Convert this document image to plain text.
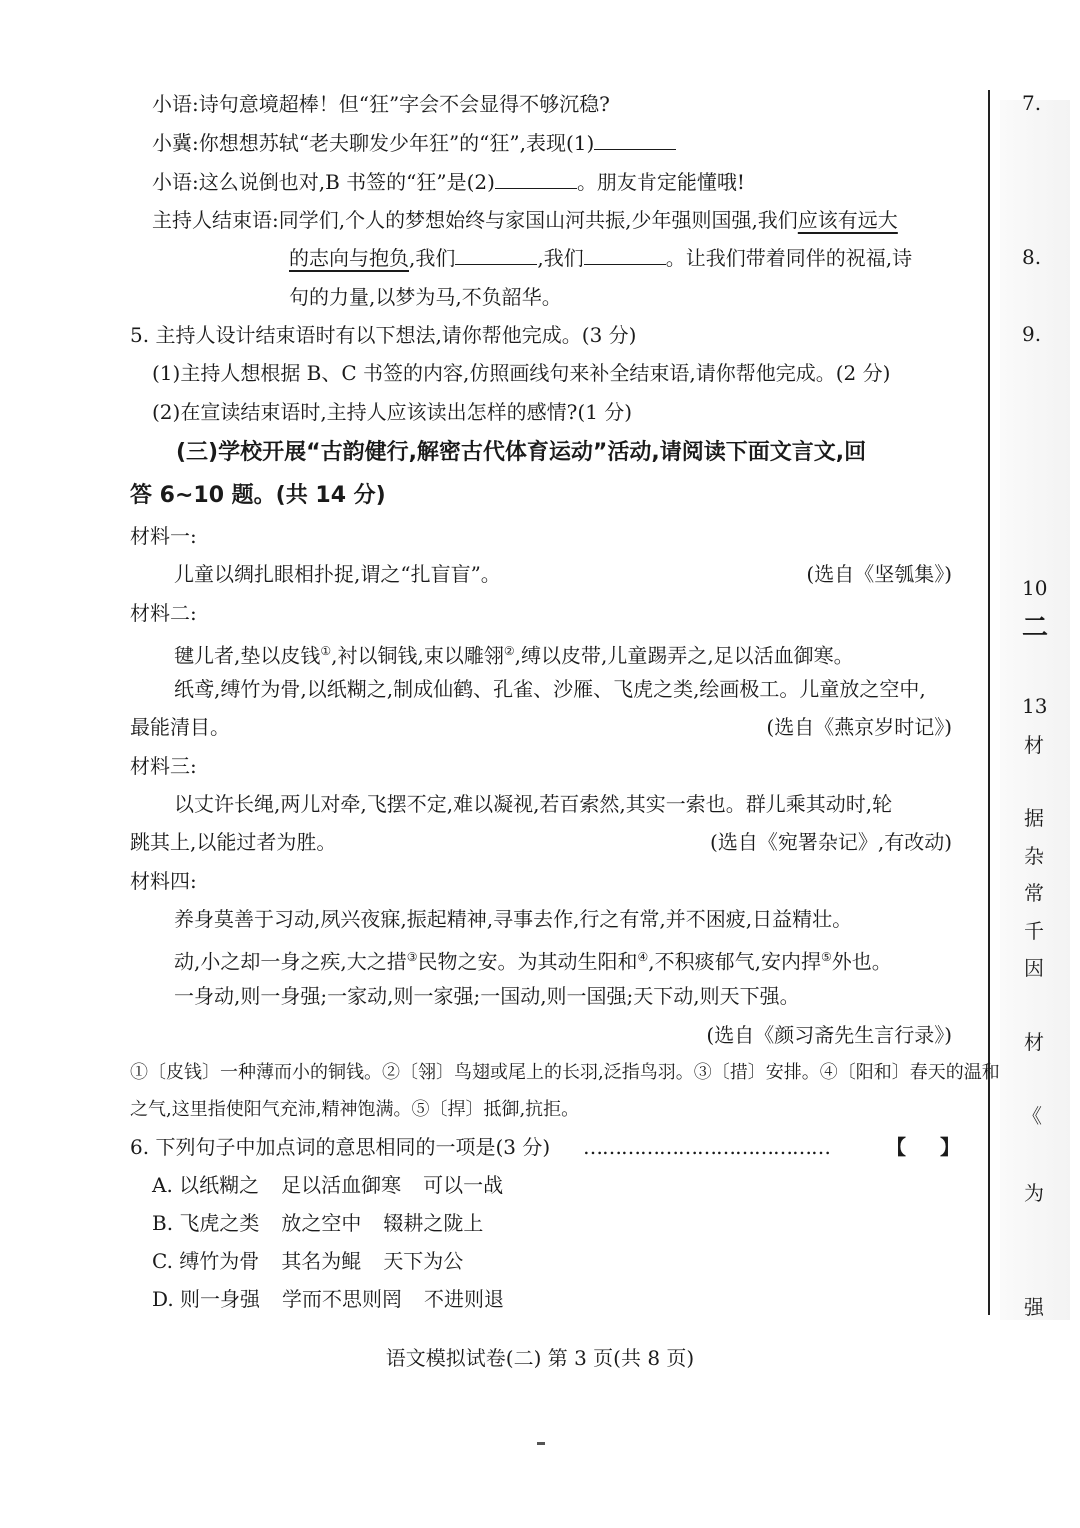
小语:诗句意境超棒！但“狂”字会不会显得不够沉稳?
小冀:你想想苏轼“老夫聊发少年狂”的“狂”,表现(1)
小语:这么说倒也对,B 书签的“狂”是(2)	。朋友肯定能懂哦!
主持人结束语:同学们,个人的梦想始终与家国山河共振,少年强则国强,我们应该有远大
的志向与抱负,我们	,我们	。让我们带着同伴的祝福,诗
句的力量,以梦为马,不负韶华。
5. 主持人设计结束语时有以下想法,请你帮他完成。(3 分)
(1)主持人想根据 B、C 书签的内容,仿照画线句来补全结束语,请你帮他完成。(2 分)
(2)在宣读结束语时,主持人应该读出怎样的感情?(1 分)
(三)学校开展“古韵健行,解密古代体育运动”活动,请阅读下面文言文,回
答 6~10 题。(共 14 分)
材料一:
儿童以绸扎眼相扑捉,谓之“扎盲盲”。	(选自《坚瓠集》)
材料二:
毽儿者,垫以皮钱①,衬以铜钱,束以雕翎②,缚以皮带,儿童踢弄之,足以活血御寒。
纸鸢,缚竹为骨,以纸糊之,制成仙鹤、孔雀、沙雁、飞虎之类,绘画极工。儿童放之空中,
最能清目。	(选自《燕京岁时记》)
材料三:
以丈许长绳,两儿对牵,飞摆不定,难以凝视,若百索然,其实一索也。群儿乘其动时,轮
跳其上,以能过者为胜。	(选自《宛署杂记》,有改动)
材料四:
养身莫善于习动,夙兴夜寐,振起精神,寻事去作,行之有常,并不困疲,日益精壮。
动,小之却一身之疾,大之措③民物之安。为其动生阳和④,不积痰郁气,安内捍⑤外也。
一身动,则一身强;一家动,则一家强;一国动,则一国强;天下动,则天下强。
(选自《颜习斋先生言行录》)
①〔皮钱〕一种薄而小的铜钱。②〔翎〕鸟翅或尾上的长羽,泛指鸟羽。③〔措〕安排。④〔阳和〕春天的温和
之气,这里指使阳气充沛,精神饱满。⑤〔捍〕抵御,抗拒。
6. 下列句子中加点词的意思相同的一项是(3 分) …………………………………	【 】
A. 以纸糊之 足以活血御寒 可以一战
B. 飞虎之类 放之空中 辍耕之陇上
C. 缚竹为骨 其名为鲲 天下为公
D. 则一身强 学而不思则罔 不进则退
语文模拟试卷(二) 第 3 页(共 8 页)
7.
8.
9.
10
二
13
材
据
杂
常
千
因
材
《
为
强
